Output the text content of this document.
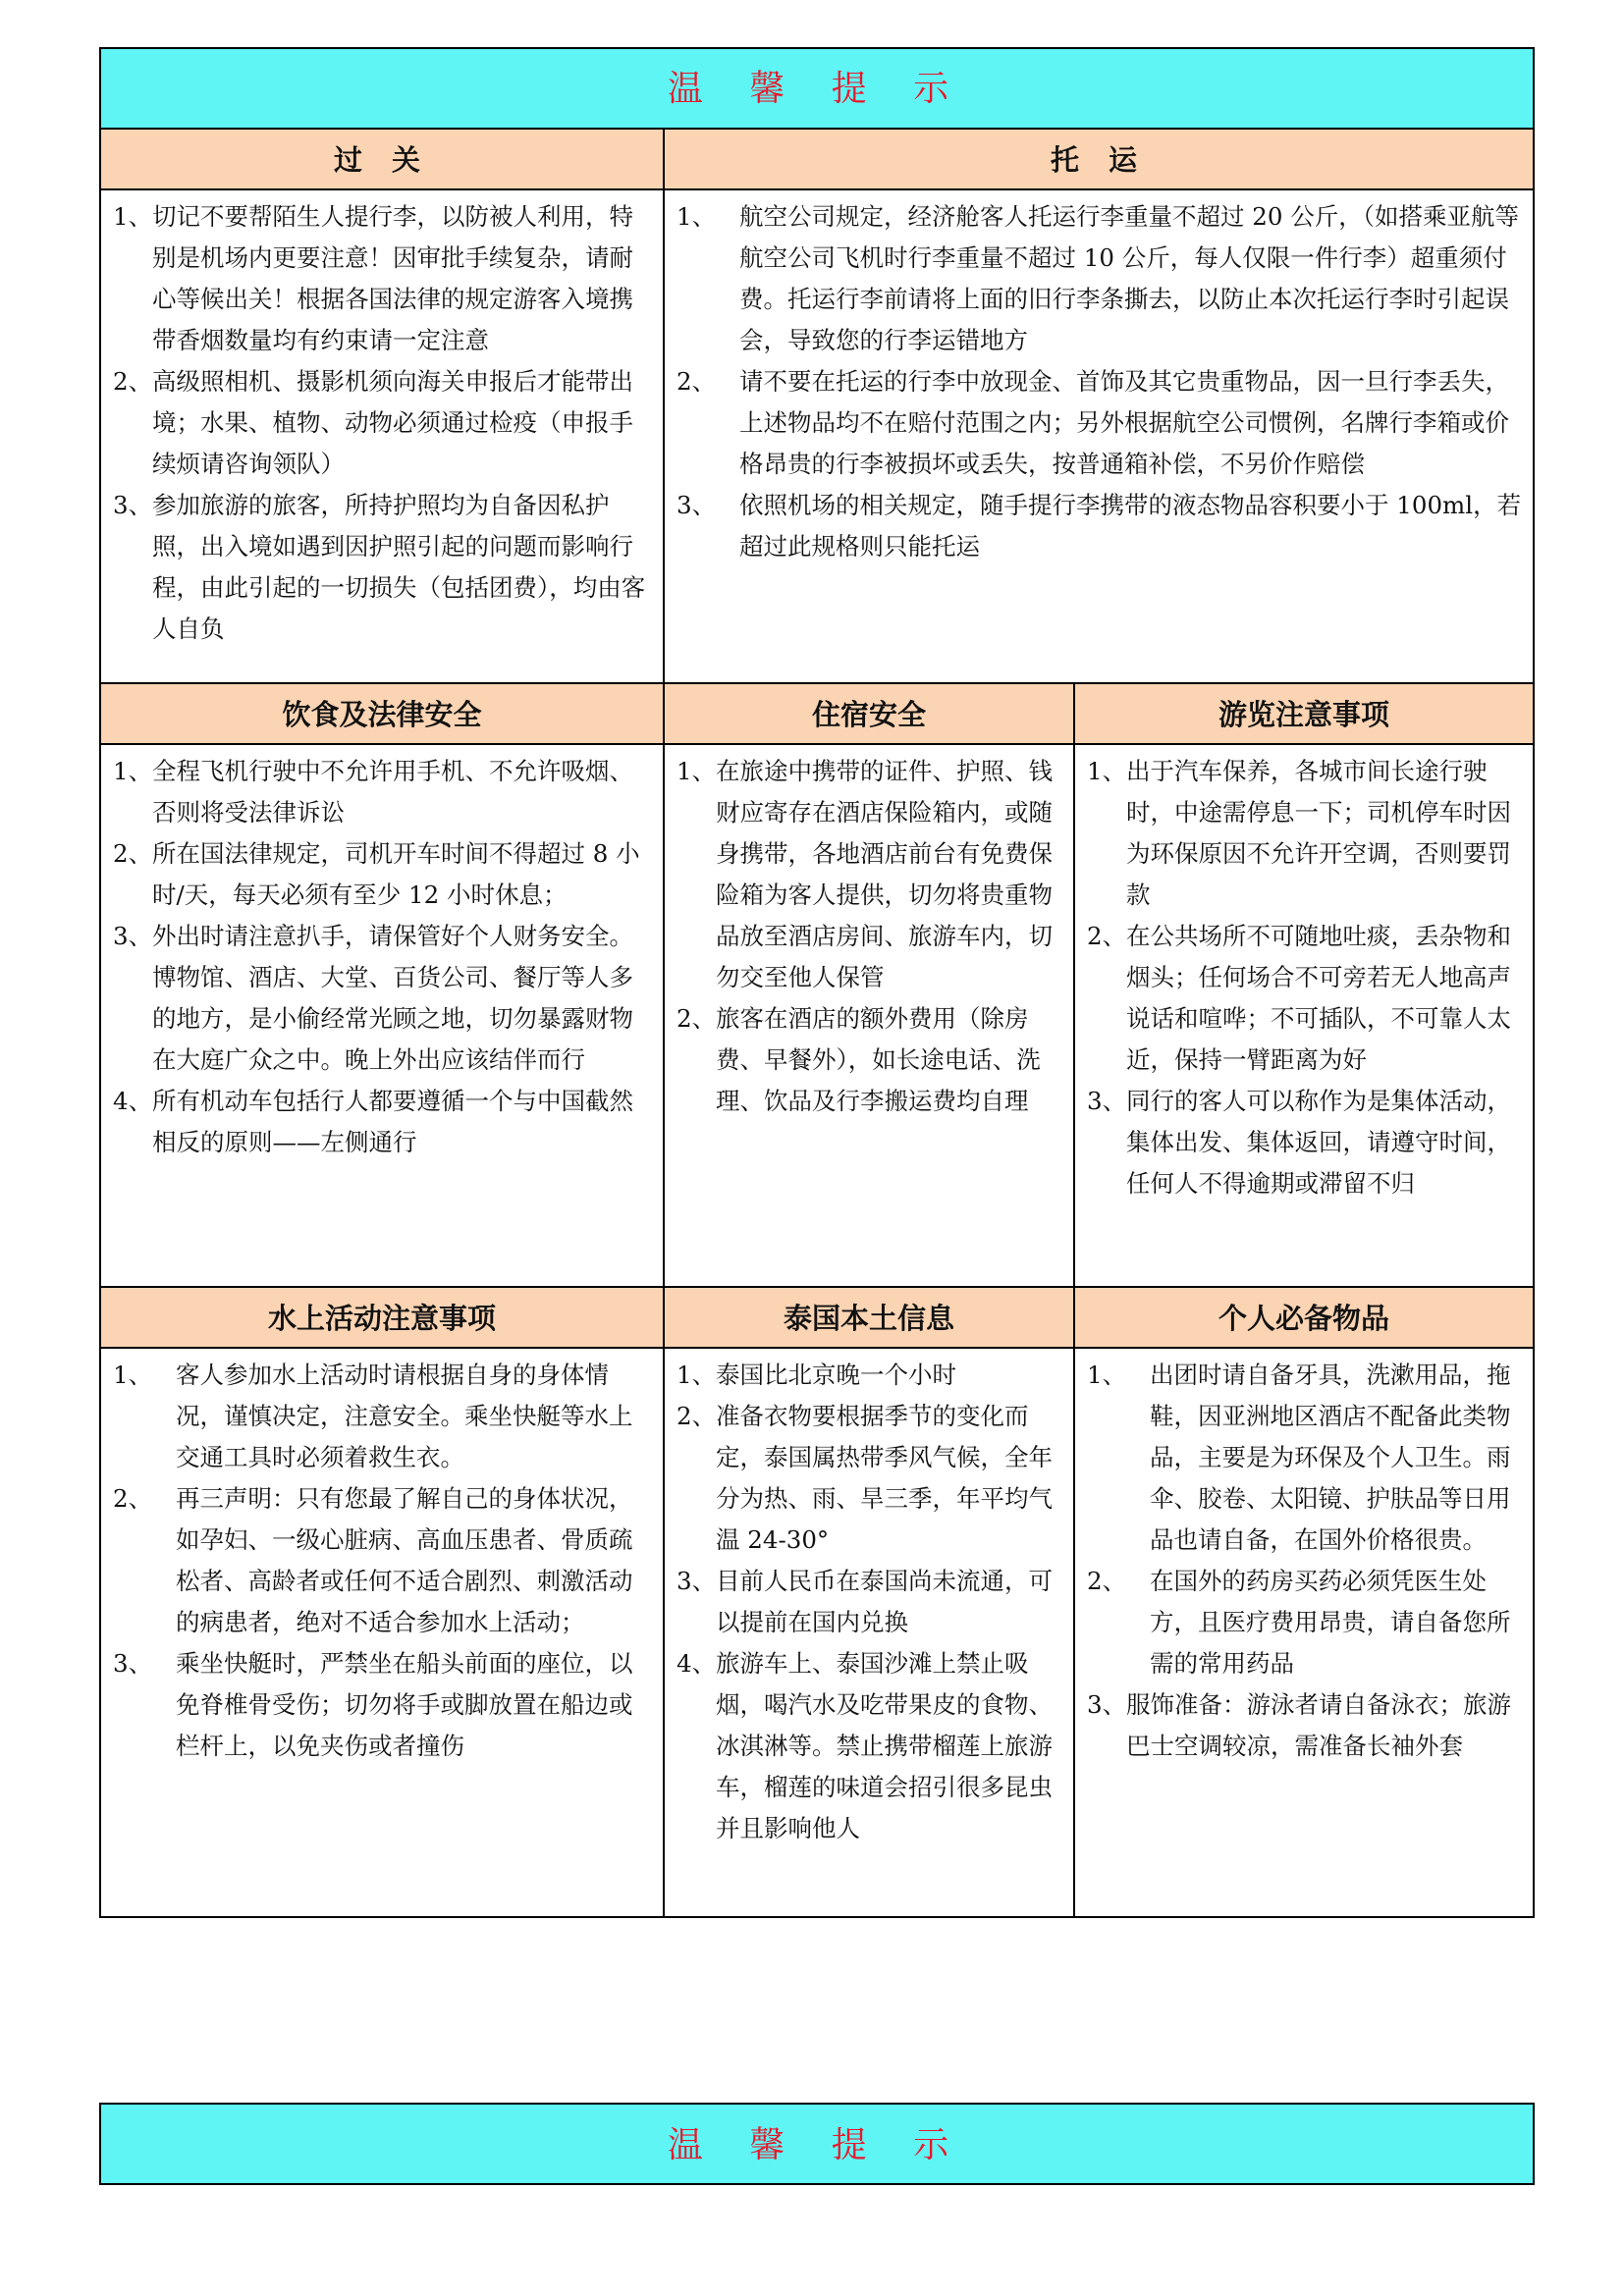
温 馨 提 示
过 关
1、 切记不要帮陌生人提行李，以防被人利用，特别是机场内更要注意！因审批手续复杂，请耐心等候出关！根据各国法律的规定游客入境携带香烟数量均有约束请一定注意
2、 高级照相机、摄影机须向海关申报后才能带出境；水果、植物、动物必须通过检疫（申报手续烦请咨询领队）
3、 参加旅游的旅客，所持护照均为自备因私护照，出入境如遇到因护照引起的问题而影响行程，由此引起的一切损失（包括团费），均由客人自负
托 运
1、 航空公司规定，经济舱客人托运行李重量不超过 20 公斤，（如搭乘亚航等航空公司飞机时行李重量不超过 10 公斤，每人仅限一件行李）超重须付费。托运行李前请将上面的旧行李条撕去，以防止本次托运行李时引起误会，导致您的行李运错地方
2、 请不要在托运的行李中放现金、首饰及其它贵重物品，因一旦行李丢失，上述物品均不在赔付范围之内；另外根据航空公司惯例，名牌行李箱或价格昂贵的行李被损坏或丢失，按普通箱补偿，不另价作赔偿
3、 依照机场的相关规定，随手提行李携带的液态物品容积要小于 100ml，若超过此规格则只能托运
饮食及法律安全
1、 全程飞机行驶中不允许用手机、不允许吸烟、否则将受法律诉讼
2、 所在国法律规定，司机开车时间不得超过 8 小时/天，每天必须有至少 12 小时休息；
3、 外出时请注意扒手，请保管好个人财务安全。博物馆、酒店、大堂、百货公司、餐厅等人多的地方，是小偷经常光顾之地，切勿暴露财物在大庭广众之中。晚上外出应该结伴而行
4、 所有机动车包括行人都要遵循一个与中国截然相反的原则——左侧通行
住宿安全
1、 在旅途中携带的证件、护照、钱财应寄存在酒店保险箱内，或随身携带，各地酒店前台有免费保险箱为客人提供，切勿将贵重物品放至酒店房间、旅游车内，切勿交至他人保管
2、 旅客在酒店的额外费用（除房费、早餐外），如长途电话、洗理、饮品及行李搬运费均自理
游览注意事项
1、 出于汽车保养，各城市间长途行驶时，中途需停息一下；司机停车时因为环保原因不允许开空调，否则要罚款
2、 在公共场所不可随地吐痰，丢杂物和烟头；任何场合不可旁若无人地高声说话和喧哗；不可插队，不可靠人太近，保持一臂距离为好
3、 同行的客人可以称作为是集体活动，集体出发、集体返回，请遵守时间，任何人不得逾期或滞留不归
水上活动注意事项
1、 客人参加水上活动时请根据自身的身体情况，谨慎决定，注意安全。乘坐快艇等水上交通工具时必须着救生衣。
2、 再三声明：只有您最了解自己的身体状况，如孕妇、一级心脏病、高血压患者、骨质疏松者、高龄者或任何不适合剧烈、刺激活动的病患者，绝对不适合参加水上活动；
3、 乘坐快艇时，严禁坐在船头前面的座位，以免脊椎骨受伤；切勿将手或脚放置在船边或栏杆上，以免夹伤或者撞伤
泰国本土信息
1、 泰国比北京晚一个小时
2、 准备衣物要根据季节的变化而定，泰国属热带季风气候，全年分为热、雨、旱三季，年平均气温 24-30°
3、 目前人民币在泰国尚未流通，可以提前在国内兑换
4、 旅游车上、泰国沙滩上禁止吸烟，喝汽水及吃带果皮的食物、冰淇淋等。禁止携带榴莲上旅游车，榴莲的味道会招引很多昆虫并且影响他人
个人必备物品
1、 出团时请自备牙具，洗漱用品，拖鞋，因亚洲地区酒店不配备此类物品，主要是为环保及个人卫生。雨伞、胶卷、太阳镜、护肤品等日用品也请自备，在国外价格很贵。
2、 在国外的药房买药必须凭医生处方，且医疗费用昂贵，请自备您所需的常用药品
3、 服饰准备：游泳者请自备泳衣；旅游巴士空调较凉，需准备长袖外套
温 馨 提 示
